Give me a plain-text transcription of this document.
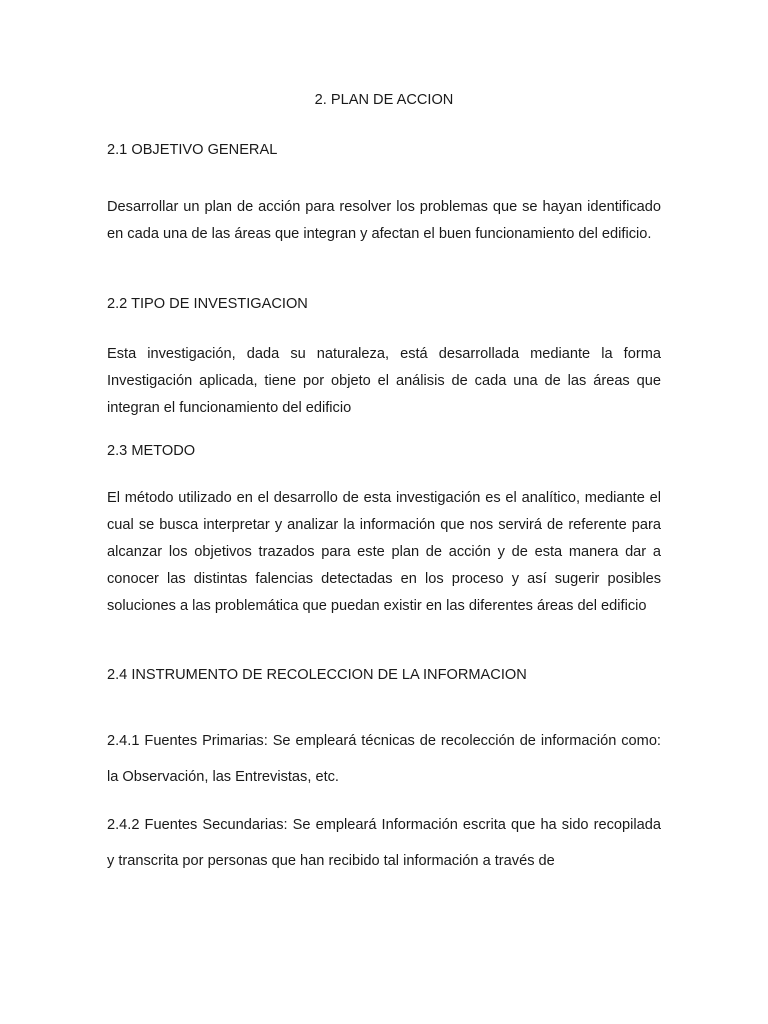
2. PLAN DE ACCION

2.1 OBJETIVO GENERAL

Desarrollar un plan de acción para resolver los problemas que se hayan identificado en cada una de las áreas que integran y afectan el buen funcionamiento del edificio.

2.2 TIPO DE INVESTIGACION

Esta investigación, dada su naturaleza, está desarrollada mediante la forma Investigación aplicada, tiene por objeto el análisis de cada una de las áreas que integran el funcionamiento del edificio

2.3 METODO

El método utilizado en el desarrollo de esta investigación es el analítico, mediante el cual se busca interpretar y analizar la información que nos servirá de referente para alcanzar los objetivos trazados para este plan de acción y de esta manera dar a conocer las distintas falencias detectadas en los proceso y así sugerir posibles soluciones a las problemática que puedan existir en las diferentes áreas del edificio

2.4 INSTRUMENTO DE RECOLECCION DE LA INFORMACION

2.4.1 Fuentes Primarias: Se empleará técnicas de recolección de información como: la Observación, las Entrevistas, etc.

2.4.2 Fuentes Secundarias: Se empleará Información escrita que ha sido recopilada y transcrita por personas que han recibido tal información a través de
